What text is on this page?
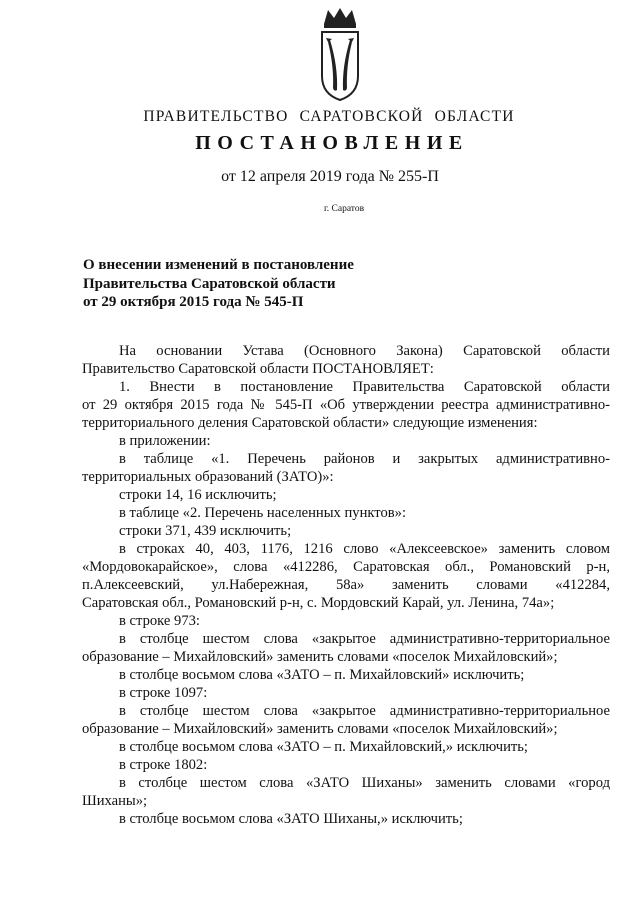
ПРАВИТЕЛЬСТВО САРАТОВСКОЙ ОБЛАСТИ
ПОСТАНОВЛЕНИЕ
от 12 апреля 2019 года № 255-П
г. Саратов
О внесении изменений в постановление
Правительства Саратовской области
от 29 октября 2015 года № 545-П
На основании Устава (Основного Закона) Саратовской области
Правительство Саратовской области ПОСТАНОВЛЯЕТ:
1. Внести в постановление Правительства Саратовской области
от 29 октября 2015 года № 545-П «Об утверждении реестра административно-
территориального деления Саратовской области» следующие изменения:
в приложении:
в таблице «1. Перечень районов и закрытых административно-
территориальных образований (ЗАТО)»:
строки 14, 16 исключить;
в таблице «2. Перечень населенных пунктов»:
строки 371, 439 исключить;
в строках 40, 403, 1176, 1216 слово «Алексеевское» заменить словом
«Мордовокарайское», слова «412286, Саратовская обл., Романовский р-н,
п.Алексеевский, ул.Набережная, 58а» заменить словами «412284,
Саратовская обл., Романовский р-н, с. Мордовский Карай, ул. Ленина, 74а»;
в строке 973:
в столбце шестом слова «закрытое административно-территориальное
образование – Михайловский» заменить словами «поселок Михайловский»;
в столбце восьмом слова «ЗАТО – п. Михайловский» исключить;
в строке 1097:
в столбце шестом слова «закрытое административно-территориальное
образование – Михайловский» заменить словами «поселок Михайловский»;
в столбце восьмом слова «ЗАТО – п. Михайловский,» исключить;
в строке 1802:
в столбце шестом слова «ЗАТО Шиханы» заменить словами «город
Шиханы»;
в столбце восьмом слова «ЗАТО Шиханы,» исключить;
